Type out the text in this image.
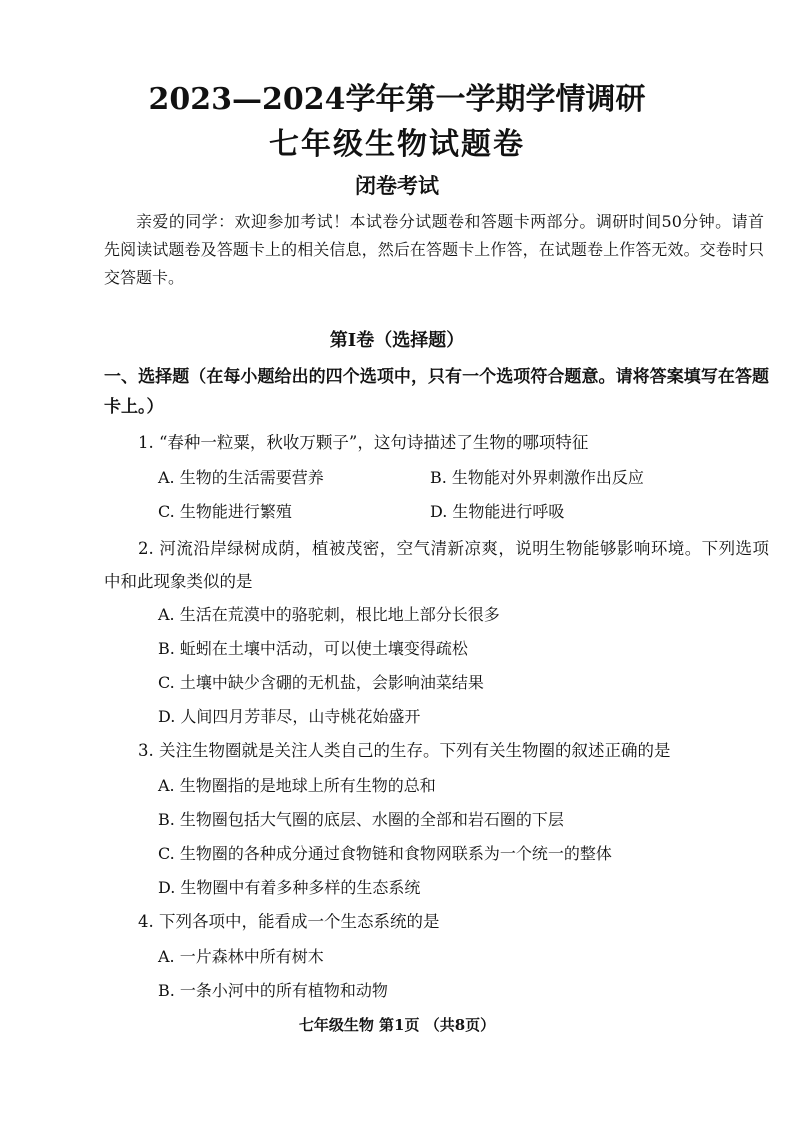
2023—2024学年第一学期学情调研
七年级生物试题卷
闭卷考试
亲爱的同学：欢迎参加考试！本试卷分试题卷和答题卡两部分。调研时间50分钟。请首先阅读试题卷及答题卡上的相关信息，然后在答题卡上作答，在试题卷上作答无效。交卷时只交答题卡。
第Ⅰ卷（选择题）
一、选择题（在每小题给出的四个选项中，只有一个选项符合题意。请将答案填写在答题卡上。）
1. “春种一粒粟，秋收万颗子”，这句诗描述了生物的哪项特征
A. 生物的生活需要营养	B. 生物能对外界刺激作出反应
C. 生物能进行繁殖	D. 生物能进行呼吸
2. 河流沿岸绿树成荫，植被茂密，空气清新凉爽，说明生物能够影响环境。下列选项中和此现象类似的是
A. 生活在荒漠中的骆驼刺，根比地上部分长很多
B. 蚯蚓在土壤中活动，可以使土壤变得疏松
C. 土壤中缺少含硼的无机盐，会影响油菜结果
D. 人间四月芳菲尽，山寺桃花始盛开
3. 关注生物圈就是关注人类自己的生存。下列有关生物圈的叙述正确的是
A. 生物圈指的是地球上所有生物的总和
B. 生物圈包括大气圈的底层、水圈的全部和岩石圈的下层
C. 生物圈的各种成分通过食物链和食物网联系为一个统一的整体
D. 生物圈中有着多种多样的生态系统
4. 下列各项中，能看成一个生态系统的是
A. 一片森林中所有树木
B. 一条小河中的所有植物和动物
七年级生物 第1页 （共8页）
